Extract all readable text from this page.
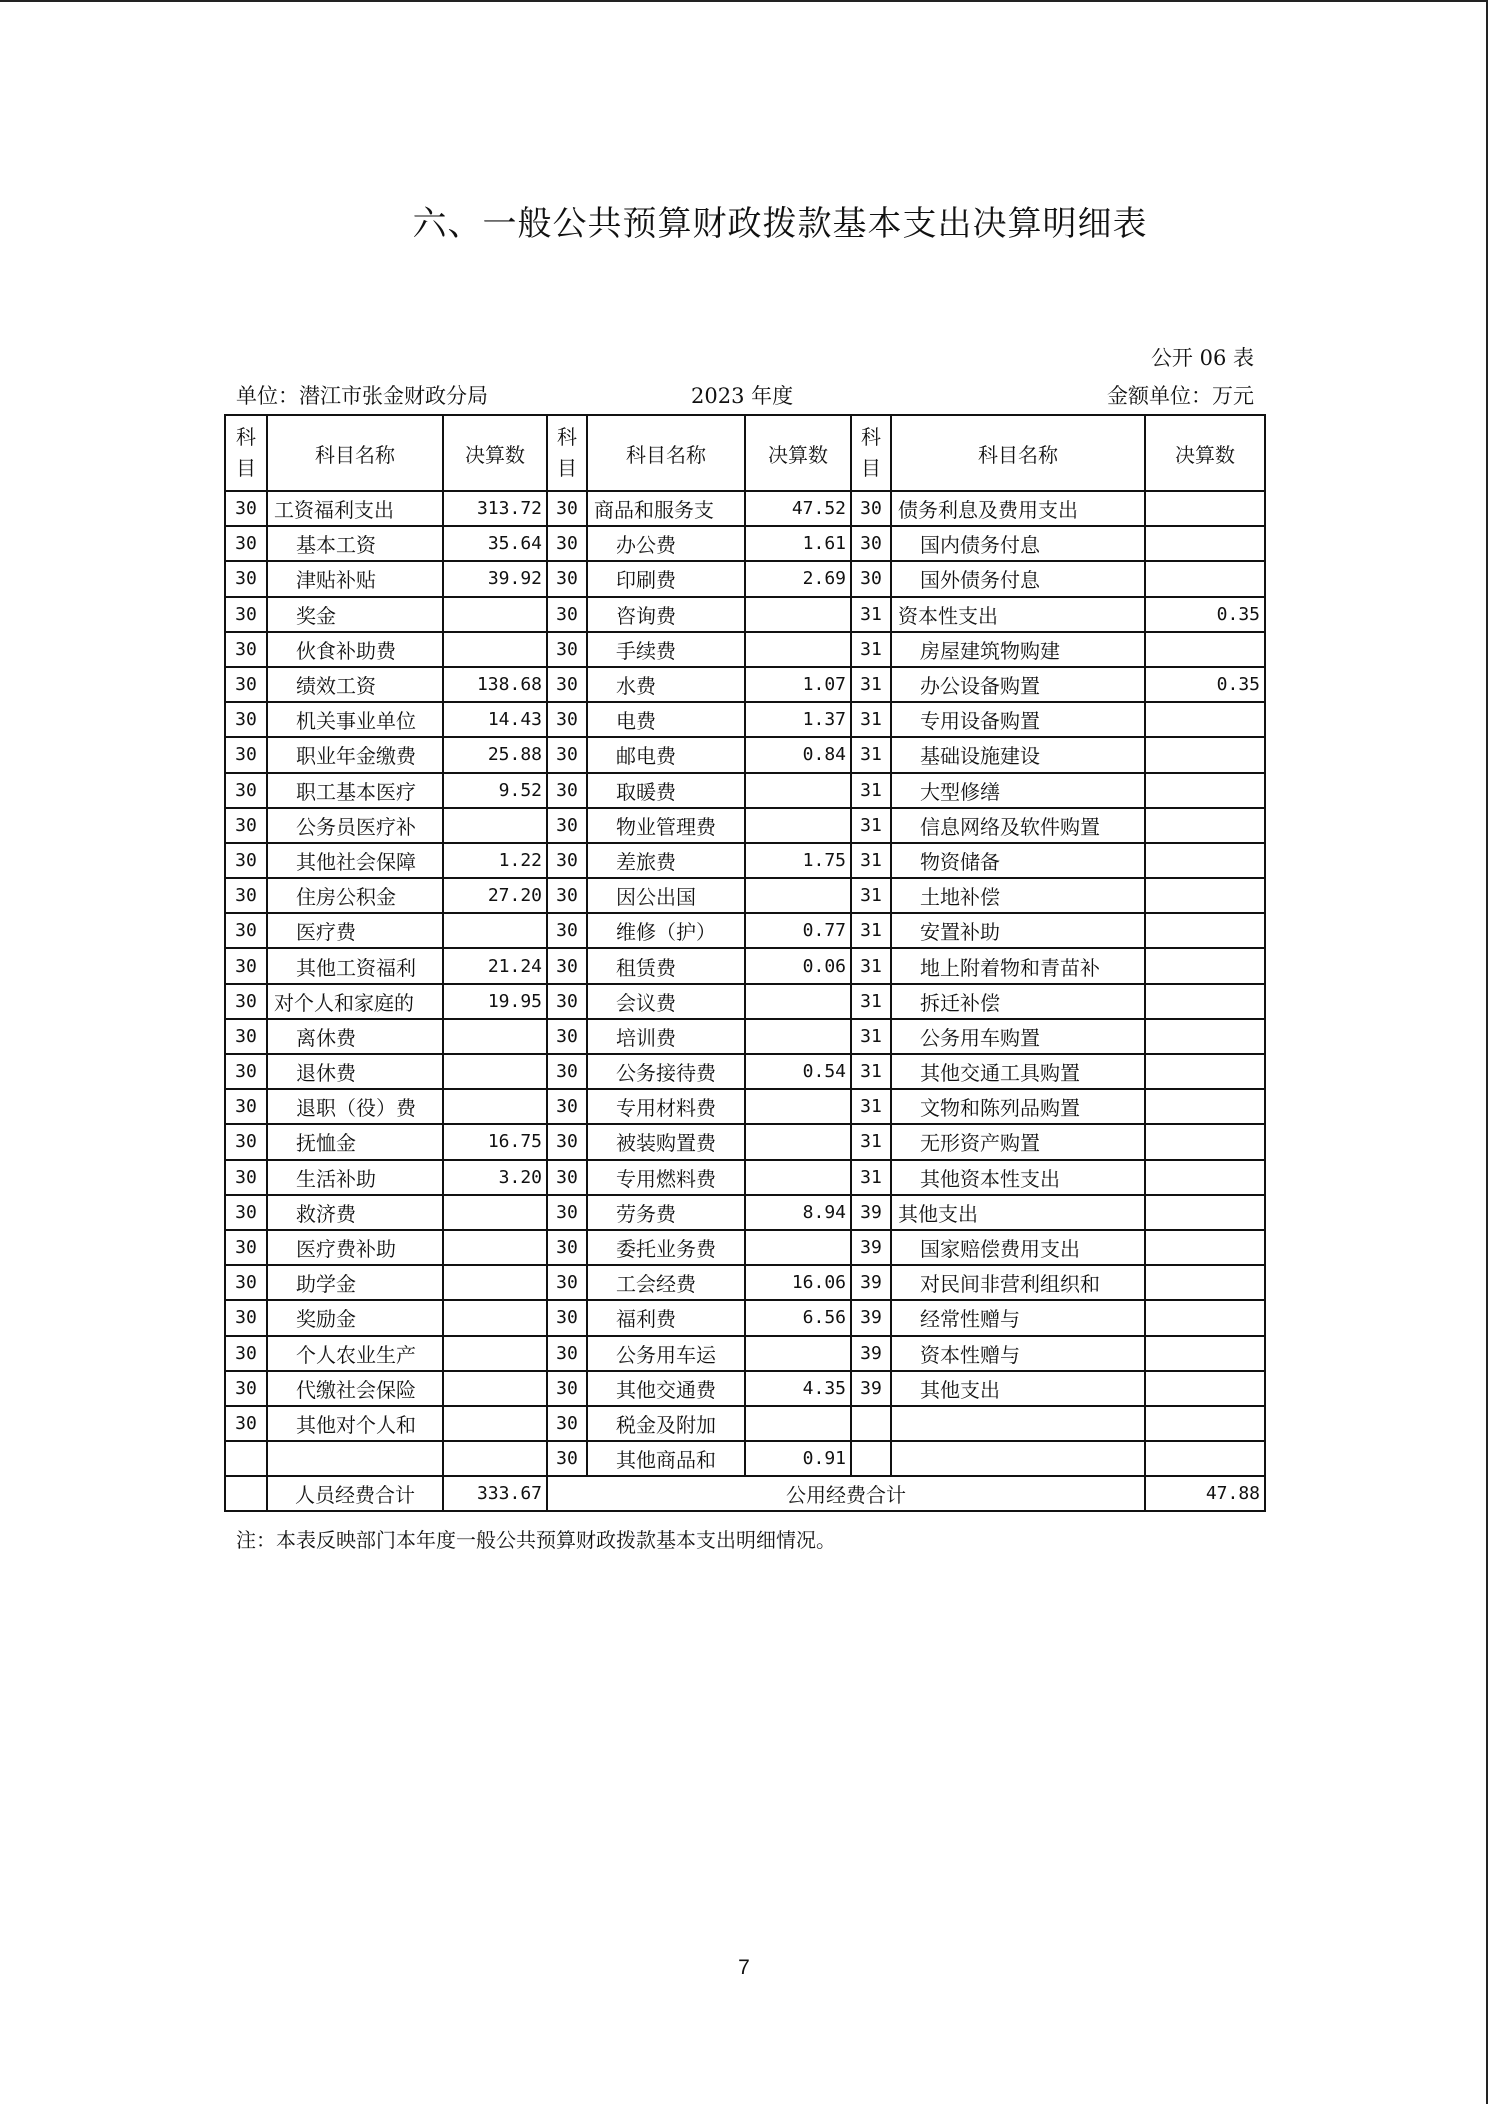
六、一般公共预算财政拨款基本支出决算明细表
公开 06 表
单位：潜江市张金财政分局	2023 年度	金额单位：万元
科目	科目名称	决算数	科目	科目名称	决算数	科目	科目名称	决算数
30	工资福利支出	313.72	30	商品和服务支	47.52	30	债务利息及费用支出	
30	基本工资	35.64	30	办公费	1.61	30	国内债务付息	
30	津贴补贴	39.92	30	印刷费	2.69	30	国外债务付息	
30	奖金		30	咨询费		31	资本性支出	0.35
30	伙食补助费		30	手续费		31	房屋建筑物购建	
30	绩效工资	138.68	30	水费	1.07	31	办公设备购置	0.35
30	机关事业单位	14.43	30	电费	1.37	31	专用设备购置	
30	职业年金缴费	25.88	30	邮电费	0.84	31	基础设施建设	
30	职工基本医疗	9.52	30	取暖费		31	大型修缮	
30	公务员医疗补		30	物业管理费		31	信息网络及软件购置	
30	其他社会保障	1.22	30	差旅费	1.75	31	物资储备	
30	住房公积金	27.20	30	因公出国		31	土地补偿	
30	医疗费		30	维修（护）	0.77	31	安置补助	
30	其他工资福利	21.24	30	租赁费	0.06	31	地上附着物和青苗补	
30	对个人和家庭的	19.95	30	会议费		31	拆迁补偿	
30	离休费		30	培训费		31	公务用车购置	
30	退休费		30	公务接待费	0.54	31	其他交通工具购置	
30	退职（役）费		30	专用材料费		31	文物和陈列品购置	
30	抚恤金	16.75	30	被装购置费		31	无形资产购置	
30	生活补助	3.20	30	专用燃料费		31	其他资本性支出	
30	救济费		30	劳务费	8.94	39	其他支出	
30	医疗费补助		30	委托业务费		39	国家赔偿费用支出	
30	助学金		30	工会经费	16.06	39	对民间非营利组织和	
30	奖励金		30	福利费	6.56	39	经常性赠与	
30	个人农业生产		30	公务用车运		39	资本性赠与	
30	代缴社会保险		30	其他交通费	4.35	39	其他支出	
30	其他对个人和		30	税金及附加				
			30	其他商品和	0.91			
	人员经费合计	333.67	公用经费合计					47.88
注：本表反映部门本年度一般公共预算财政拨款基本支出明细情况。
7
